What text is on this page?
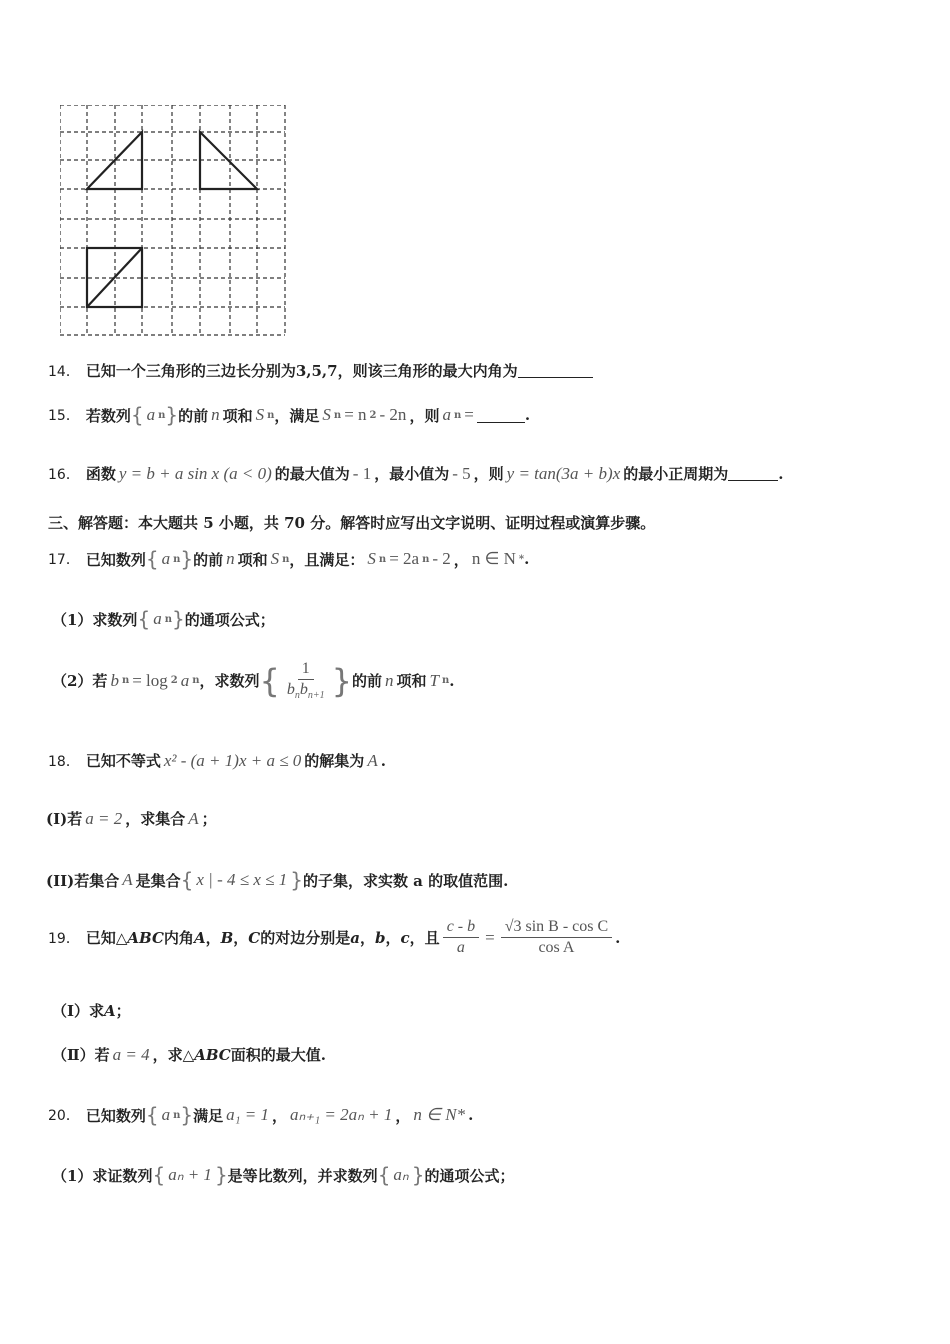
14． 已知一个三角形的三边长分别为3,5,7，则该三角形的最大内角为
15． 若数列 { a n } 的前 n 项和 S n ，满足 S n = n 2 - 2n ，则 a n =	.
16． 函数 y = b + a sin x (a < 0) 的最大值为 - 1 ，最小值为 - 5 ，则 y = tan(3a + b)x 的最小正周期为	.
三、解答题：本大题共 5 小题，共 70 分。解答时应写出文字说明、证明过程或演算步骤。
17． 已知数列 { a n } 的前 n 项和 S n ，且满足： S n = 2a n - 2 ， n ∈ N * .
（1）求数列 { a n } 的通项公式；
（2）若 b n = log 2 a n ，求数列 { $\frac{1}{b_nb_{n+1}}$ } 的前 n 项和 T n .
18． 已知不等式 x² - (a + 1)x + a ≤ 0 的解集为 A .
(I)若 a = 2 ，求集合 A ；
(II)若集合 A 是集合 { x | - 4 ≤ x ≤ 1 } 的子集，求实数 a 的取值范围.
19． 已知△ ABC 内角 A ， B ， C 的对边分别是 a ， b ， c ，且 $\frac{c - b}{a} = \frac{\text{√3 sin B - cos C}}{\text{cos A}}$ .
（Ⅰ）求 A ；
（Ⅱ）若 a = 4 ，求△ ABC 面积的最大值.
20． 已知数列 { a n } 满足 a₁ = 1 ， aₙ₊₁ = 2aₙ + 1 ， n ∈ N* .
（1）求证数列 { aₙ + 1 } 是等比数列，并求数列 { aₙ } 的通项公式；
